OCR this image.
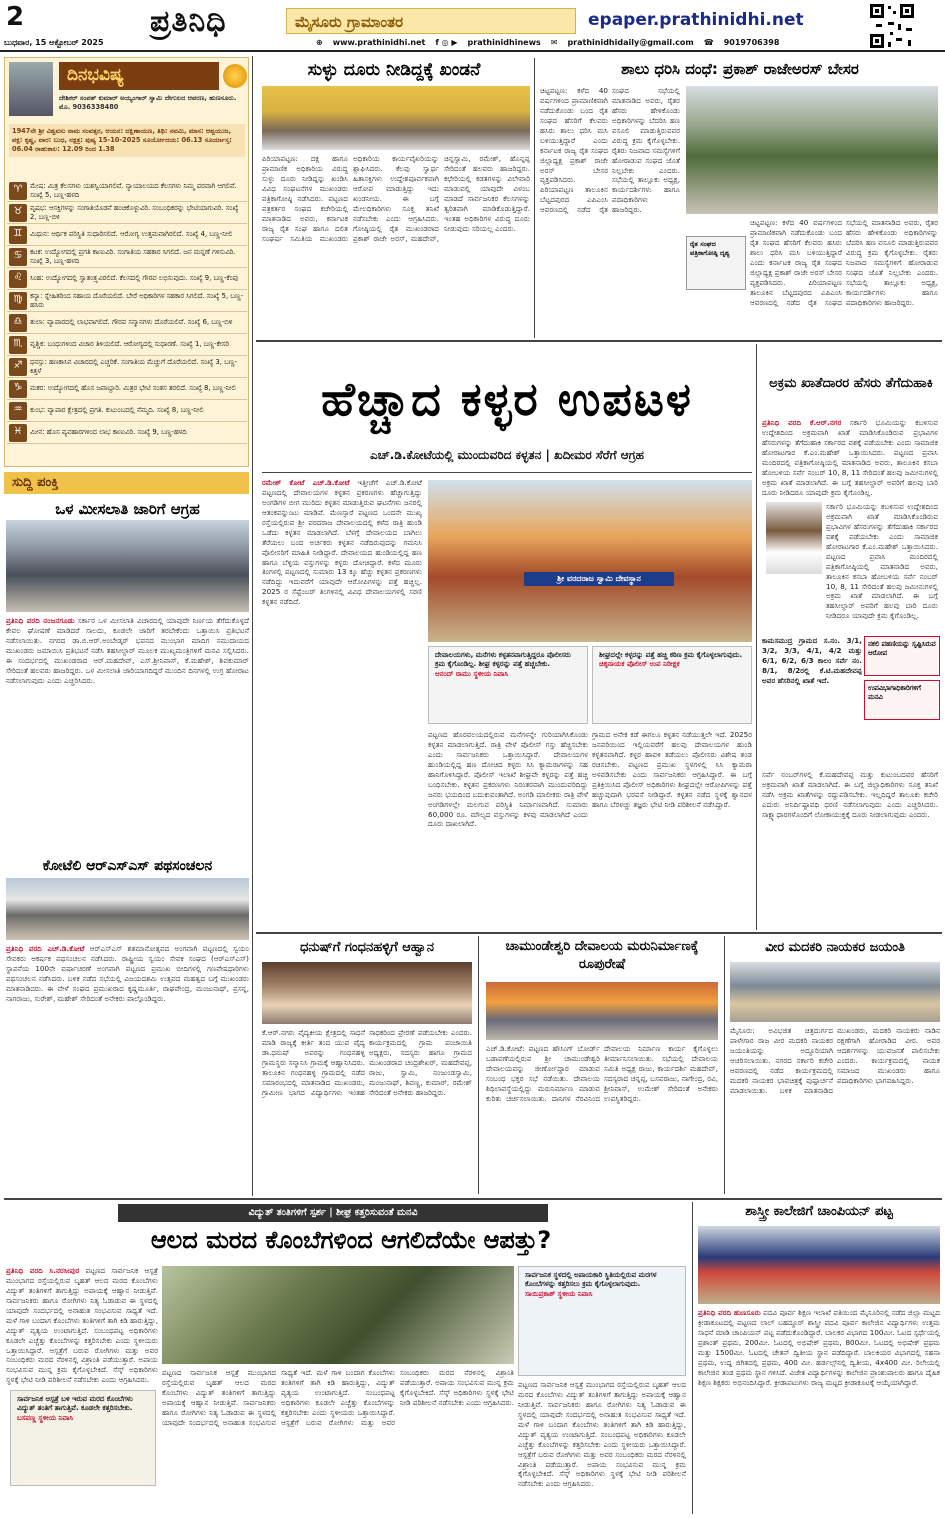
2	ಪ್ರತಿನಿಧಿ	ಮೈಸೂರು ಗ್ರಾಮಾಂತರ	epaper.prathinidhi.net
ಬುಧವಾರ, 15 ಅಕ್ಟೋಬರ್ 2025	⊕ www.prathinidhi.net f ◎ ▶ prathinidhinews ✉ prathinidhidaily@gmail.com ☎ 9019706398
ದಿನಭವಿಷ್ಯ
ದೇಶಿಕರ್ ಸಂಪತ್ ಕುಮಾರ್ ಅಯ್ಯಂಗಾರ್ ಸ್ವಾಮಿ ದೇಗುಲದ ಆವರಣ, ಹುಣಸೂರು. ಮೊ. 9036338480
1947ನೇ ಶ್ರೀ ವಿಶ್ವವಸು ನಾಮ ಸಂವತ್ಸರ, ಆಯನ: ದಕ್ಷಿಣಾಯಣ, ತಿಥಿ: ನವಮಿ, ಮಾಸ: ಆಶ್ವಯುಜ, ಪಕ್ಷ: ಕೃಷ್ಣ, ವಾರ: ಬುಧ, ನಕ್ಷತ್ರ: ಪುಷ್ಯ 15-10-2025 ಸೂರ್ಯೋದಯ: 06.13 ಸೂರ್ಯಾಸ್ತ: 06.04 ರಾಹುಕಾಲ: 12.09 ರಿಂದ 1.38
♈	ಮೇಷ: ಮಿತ್ರ ಕೆಲಸಗಳು ಯಶಸ್ವಿಯಾಗಲಿವೆ. ನ್ಯಾಯಾಲಯದ ಕೆಲಸಗಳು ನಿಮ್ಮ ಪರವಾಗಿ ಆಗಲಿವೆ. ಸಂಖ್ಯೆ 5, ಬಣ್ಣ-ಹಳದಿ
♉	ವೃಷಭ: ಆಸಕ್ತಿಗಳನ್ನು ಸಂಗಾತಿಯೊಡನೆ ಹಂಚಿಕೊಳ್ಳುವಿರಿ. ಸಂಬಂಧಿಕರನ್ನು ಭೇಟಿಯಾಗುವಿರಿ. ಸಂಖ್ಯೆ 2, ಬಣ್ಣ-ಬಿಳಿ
♊	ಮಿಥುನ: ಆರ್ಥಿಕ ಪರಿಸ್ಥಿತಿ ಸುಧಾರಿಸಲಿದೆ. ಆರೋಗ್ಯ ಉತ್ತಮವಾಗಿರಲಿದೆ. ಸಂಖ್ಯೆ 4, ಬಣ್ಣ-ನೀಲಿ
♋	ಕಟಕ: ಉದ್ಯೋಗದಲ್ಲಿ ಪ್ರಗತಿ ಕಾಣುವಿರಿ. ಸಂಗಾತಿಯ ಸಹಕಾರ ಸಿಗಲಿದೆ. ಜನ ಮನ್ನಣೆ ಗಳಿಸುವಿರಿ. ಸಂಖ್ಯೆ 3, ಬಣ್ಣ-ಹಳದಿ
♌	ಸಿಂಹ: ಉದ್ಯೋಗದಲ್ಲಿ ಸ್ವಾತಂತ್ರ್ಯವಿರಲಿದೆ. ಕೆಲಸದಲ್ಲಿ ಗೌರವ ಲಭಿಸುವುದು. ಸಂಖ್ಯೆ 9, ಬಣ್ಣ-ಕೆಂಪು
♍	ಕನ್ಯಾ: ಸ್ನೇಹಿತರಿಂದ ಸಹಾಯ ದೊರೆಯಲಿದೆ. ಬೇರೆ ಅಧಿಕಾರಿಗಳ ಸಹಕಾರ ಸಿಗಲಿದೆ. ಸಂಖ್ಯೆ 5, ಬಣ್ಣ-ಹಸಿರು
♎	ತುಲಾ: ವ್ಯಾಪಾರದಲ್ಲಿ ಲಾಭವಾಗಲಿದೆ. ಗೌರವ ಸನ್ಮಾನಗಳು ದೊರೆಯಲಿವೆ. ಸಂಖ್ಯೆ 6, ಬಣ್ಣ-ಬಿಳಿ
♏	ವೃಶ್ಚಿಕ: ಬಂಧುಗಳಿಂದ ವಿಚಾರ ತಿಳಿಯಲಿದೆ. ಆರೋಗ್ಯದಲ್ಲಿ ಸುಧಾರಣೆ. ಸಂಖ್ಯೆ 1, ಬಣ್ಣ-ಕೇಸರಿ
♐	ಧನಸ್ಸು: ಹಣಕಾಸಿನ ವಿಚಾರದಲ್ಲಿ ಎಚ್ಚರಿಕೆ. ಸಂಗಾತಿಯ ಮೆಚ್ಚುಗೆ ದೊರೆಯಲಿದೆ. ಸಂಖ್ಯೆ 3, ಬಣ್ಣ-ಕಿತ್ತಳೆ
♑	ಮಕರ: ಉದ್ಯೋಗದಲ್ಲಿ ಹೊಸ ಜವಾಬ್ದಾರಿ. ಮಿತ್ರರ ಭೇಟಿ ಸಂತಸ ತರಲಿದೆ. ಸಂಖ್ಯೆ 8, ಬಣ್ಣ-ನೀಲಿ
♒	ಕುಂಭ: ವ್ಯಾಪಾರ ಕ್ಷೇತ್ರದಲ್ಲಿ ಪ್ರಗತಿ. ಕುಟುಂಬದಲ್ಲಿ ನೆಮ್ಮದಿ. ಸಂಖ್ಯೆ 8, ಬಣ್ಣ-ನೀಲಿ
♓	ಮೀನ: ಹೊಸ ವ್ಯವಹಾರಗಳಿಂದ ಲಾಭ ಕಾಣುವಿರಿ. ಸಂಖ್ಯೆ 9, ಬಣ್ಣ-ಹಳದಿ
ಸುದ್ದಿ ಪಂಕ್ತಿ
ಒಳ ಮೀಸಲಾತಿ ಜಾರಿಗೆ ಆಗ್ರಹ
ಪ್ರತಿನಿಧಿ ವರದಿ ನಂಜನಗೂಡು ಸರ್ಕಾರ ಒಳ ಮೀಸಲಾತಿ ವಿಚಾರದಲ್ಲಿ ಯಾವುದೇ ನಿರ್ಣಯ ತೆಗೆದುಕೊಳ್ಳದೆ ಕೇವಲ ಘೋಷಣೆ ಮಾಡಿದರೆ ಸಾಲದು, ಕೂಡಲೇ ಜಾರಿಗೆ ತರಬೇಕೆಂದು ಒತ್ತಾಯಿಸಿ ಪ್ರತಿಭಟನೆ ನಡೆಸಲಾಯಿತು. ನಗರದ ಡಾ.ಬಿ.ಆರ್.ಅಂಬೇಡ್ಕರ್ ಭವನದ ಮುಂಭಾಗ ಮಾದಿಗ ಸಮುದಾಯದ ಮುಖಂಡರು ಜಮಾಯಿಸಿ ಪ್ರತಿಭಟನೆ ನಡೆಸಿ ತಹಸೀಲ್ದಾರ್ ಮೂಲಕ ಮುಖ್ಯಮಂತ್ರಿಗಳಿಗೆ ಮನವಿ ಸಲ್ಲಿಸಿದರು. ಈ ಸಂದರ್ಭದಲ್ಲಿ ಮುಖಂಡರಾದ ಆರ್.ಮಹದೇವ್, ಎಸ್.ಶ್ರೀನಿವಾಸ್, ಕೆ.ಮಹೇಶ್, ಶಿವಕುಮಾರ್ ಸೇರಿದಂತೆ ಹಲವರು ಹಾಜರಿದ್ದರು. ಒಳ ಮೀಸಲಾತಿ ಜಾರಿಯಾಗದಿದ್ದರೆ ಮುಂದಿನ ದಿನಗಳಲ್ಲಿ ಉಗ್ರ ಹೋರಾಟ ನಡೆಸಲಾಗುವುದು ಎಂದು ಎಚ್ಚರಿಸಿದರು.
ಕೋಟೆಲಿ ಆರ್‌ಎಸ್‌ಎಸ್ ಪಥಸಂಚಲನ
ಪ್ರತಿನಿಧಿ ವರದಿ ಎಚ್.ಡಿ.ಕೋಟೆ ಆರ್‌ಎಸ್‌ಎಸ್ ಶತಮಾನೋತ್ಸವದ ಅಂಗವಾಗಿ ಪಟ್ಟಣದಲ್ಲಿ ಸ್ವಯಂ ಸೇವಕರು ಆಕರ್ಷಕ ಪಥಸಂಚಲನ ನಡೆಸಿದರು. ರಾಷ್ಟ್ರೀಯ ಸ್ವಯಂ ಸೇವಕ ಸಂಘದ (ಆರ್‌ಎಸ್‌ಎಸ್) ಸ್ಥಾಪನೆಯ 100ನೇ ವರ್ಷಾಚರಣೆ ಅಂಗವಾಗಿ ಪಟ್ಟಣದ ಪ್ರಮುಖ ಬೀದಿಗಳಲ್ಲಿ ಗಣವೇಷಧಾರಿಗಳು ಪಥಸಂಚಲನ ನಡೆಸಿದರು. ಬಳಿಕ ನಡೆದ ಸಭೆಯಲ್ಲಿ ವಿಜಯದಶಮಿ ಉತ್ಸವದ ಮಹತ್ವದ ಬಗ್ಗೆ ಮುಖಂಡರು ಮಾತನಾಡಿದರು. ಈ ವೇಳೆ ಸಂಘದ ಪ್ರಮುಖರಾದ ಕೃಷ್ಣಮೂರ್ತಿ, ರಾಘವೇಂದ್ರ, ಮಂಜುನಾಥ್, ಪ್ರಸನ್ನ, ನಾಗರಾಜು, ಸುರೇಶ್, ಮಹೇಶ್ ಸೇರಿದಂತೆ ಅನೇಕರು ಪಾಲ್ಗೊಂಡಿದ್ದರು.
ಸುಳ್ಳು ದೂರು ನೀಡಿದ್ದಕ್ಕೆ ಖಂಡನೆ
ಪಿರಿಯಾಪಟ್ಟಣ: ದಕ್ಷ ಹಾಗೂ ಪ್ರಾಮಾಣಿಕ ಅಧಿಕಾರಿಯ ವಿರುದ್ಧ ಸುಳ್ಳು ದೂರು ನೀಡಿದ್ದನ್ನು ಖಂಡಿಸಿ ವಿವಿಧ ಸಂಘಟನೆಗಳ ಮುಖಂಡರು ಪತ್ರಿಕಾಗೋಷ್ಠಿ ನಡೆಸಿದರು. ಪಟ್ಟಣದ ಪತ್ರಕರ್ತರ ಸಂಘದ ಕಚೇರಿಯಲ್ಲಿ ಮಾತನಾಡಿದ ಅವರು, ಕರ್ನಾಟಕ ರಾಜ್ಯ ರೈತ ಸಂಘ ಹಾಗೂ ದಲಿತ ಸಂಘರ್ಷ ಸಮಿತಿಯ ಮುಖಂಡರು ಅಧಿಕಾರಿಯ ಕಾರ್ಯವೈಖರಿಯನ್ನು ಶ್ಲಾಘಿಸಿದರು. ಕೆಲವು ಸ್ವಾರ್ಥ ಹಿತಾಸಕ್ತಿಗಳು ಉದ್ದೇಶಪೂರ್ವಕವಾಗಿ ಆರೋಪ ಮಾಡುತ್ತಿದ್ದು ಇದು ಖಂಡನೀಯ. ಈ ಬಗ್ಗೆ ಮೇಲಧಿಕಾರಿಗಳು ಸೂಕ್ತ ತನಿಖೆ ನಡೆಸಬೇಕು ಎಂದು ಆಗ್ರಹಿಸಿದರು. ಗೋಷ್ಠಿಯಲ್ಲಿ ರೈತ ಮುಖಂಡರಾದ ಪ್ರಕಾಶ್ ರಾಜೇ ಅರಸ್, ಮಹದೇವ್, ಚಿನ್ನಸ್ವಾಮಿ, ರಮೇಶ್, ಹೊನ್ನಪ್ಪ ಸೇರಿದಂತೆ ಹಲವರು ಹಾಜರಿದ್ದರು. ಕಛೇರಿಯಲ್ಲಿ ಕಡತಗಳನ್ನು ವಿಲೇವಾರಿ ಮಾಡುವಲ್ಲಿ ಯಾವುದೇ ವಿಳಂಬ ಮಾಡದೆ ಸಾರ್ವಜನಿಕರ ಕೆಲಸಗಳನ್ನು ತ್ವರಿತವಾಗಿ ಮಾಡಿಕೊಡುತ್ತಿದ್ದಾರೆ. ಇಂತಹ ಅಧಿಕಾರಿಗಳ ವಿರುದ್ಧ ದೂರು ನೀಡುವುದು ಸರಿಯಲ್ಲ ಎಂದರು.
ಶಾಲು ಧರಿಸಿ ದಂಧೆ: ಪ್ರಕಾಶ್ ರಾಜೇಅರಸ್ ಬೇಸರ
ಚಿಟ್ಟಪಟ್ಟಣ: ಕಳೆದ 40 ವರ್ಷಗಳಿಂದ ಪ್ರಾಮಾಣಿಕವಾಗಿ ನಡೆದುಕೊಂಡು ಬಂದ ರೈತ ಸಂಘದ ಹೆಸರಿಗೆ ಕೆಲವರು ಹಸಿರು ಶಾಲು ಧರಿಸಿ ಮಸಿ ಬಳಿಯುತ್ತಿದ್ದಾರೆ ಎಂದು ಕರ್ನಾಟಕ ರಾಜ್ಯ ರೈತ ಸಂಘದ ಜಿಲ್ಲಾಧ್ಯಕ್ಷ ಪ್ರಕಾಶ್ ರಾಜೇ ಅರಸ್ ಬೇಸರ ವ್ಯಕ್ತಪಡಿಸಿದರು. ಪಿರಿಯಾಪಟ್ಟಣ ತಾಲೂಕಿನ ಬೆಟ್ಟದಪುರದ ಎಪಿಎಂಸಿ ಆವರಣದಲ್ಲಿ ನಡೆದ ರೈತ ಸಂಘದ ಸಭೆಯಲ್ಲಿ ಮಾತನಾಡಿದ ಅವರು, ರೈತರ ಹೆಸರು ಹೇಳಿಕೊಂಡು ಅಧಿಕಾರಿಗಳನ್ನು ಬೆದರಿಸಿ ಹಣ ವಸೂಲಿ ಮಾಡುತ್ತಿರುವವರ ವಿರುದ್ಧ ಕ್ರಮ ಕೈಗೊಳ್ಳಬೇಕು. ರೈತರು ನಿಜವಾದ ಸಮಸ್ಯೆಗಳಿಗೆ ಹೋರಾಡುವ ಸಂಘದ ಜೊತೆ ನಿಲ್ಲಬೇಕು ಎಂದರು. ಸಭೆಯಲ್ಲಿ ತಾಲ್ಲೂಕು ಅಧ್ಯಕ್ಷ, ಕಾರ್ಯದರ್ಶಿಗಳು ಹಾಗೂ ಪದಾಧಿಕಾರಿಗಳು ಹಾಜರಿದ್ದರು.
ರೈತ ಸಂಘದ ಪತ್ರಿಕಾಗೋಷ್ಠಿ ದೃಶ್ಯ
ಚಿಟ್ಟಪಟ್ಟಣ: ಕಳೆದ 40 ವರ್ಷಗಳಿಂದ ಪ್ರಾಮಾಣಿಕವಾಗಿ ನಡೆದುಕೊಂಡು ಬಂದ ರೈತ ಸಂಘದ ಹೆಸರಿಗೆ ಕೆಲವರು ಹಸಿರು ಶಾಲು ಧರಿಸಿ ಮಸಿ ಬಳಿಯುತ್ತಿದ್ದಾರೆ ಎಂದು ಕರ್ನಾಟಕ ರಾಜ್ಯ ರೈತ ಸಂಘದ ಜಿಲ್ಲಾಧ್ಯಕ್ಷ ಪ್ರಕಾಶ್ ರಾಜೇ ಅರಸ್ ಬೇಸರ ವ್ಯಕ್ತಪಡಿಸಿದರು. ಪಿರಿಯಾಪಟ್ಟಣ ತಾಲೂಕಿನ ಬೆಟ್ಟದಪುರದ ಎಪಿಎಂಸಿ ಆವರಣದಲ್ಲಿ ನಡೆದ ರೈತ ಸಂಘದ ಸಭೆಯಲ್ಲಿ ಮಾತನಾಡಿದ ಅವರು, ರೈತರ ಹೆಸರು ಹೇಳಿಕೊಂಡು ಅಧಿಕಾರಿಗಳನ್ನು ಬೆದರಿಸಿ ಹಣ ವಸೂಲಿ ಮಾಡುತ್ತಿರುವವರ ವಿರುದ್ಧ ಕ್ರಮ ಕೈಗೊಳ್ಳಬೇಕು. ರೈತರು ನಿಜವಾದ ಸಮಸ್ಯೆಗಳಿಗೆ ಹೋರಾಡುವ ಸಂಘದ ಜೊತೆ ನಿಲ್ಲಬೇಕು ಎಂದರು. ಸಭೆಯಲ್ಲಿ ತಾಲ್ಲೂಕು ಅಧ್ಯಕ್ಷ, ಕಾರ್ಯದರ್ಶಿಗಳು ಹಾಗೂ ಪದಾಧಿಕಾರಿಗಳು ಹಾಜರಿದ್ದರು.
ಹೆಚ್ಚಾದ ಕಳ್ಳರ ಉಪಟಳ
ಎಚ್.ಡಿ.ಕೋಟೆಯಲ್ಲಿ ಮುಂದುವರಿದ ಕಳ್ಳತನ | ಖದೀಮರ ಸೆರೆಗೆ ಆಗ್ರಹ
ರಮೇಶ್ ಕೋಟೆ ಎಚ್.ಡಿ.ಕೋಟೆ ಇತ್ತೀಚೆಗೆ ಎಚ್.ಡಿ.ಕೋಟೆ ಪಟ್ಟಣದಲ್ಲಿ ದೇವಾಲಯಗಳ ಕಳ್ಳತನ ಪ್ರಕರಣಗಳು ಹೆಚ್ಚಾಗುತ್ತಿದ್ದು ಅಂಗಡಿಗಳ ಬೀಗ ಮುರಿದು ಕಳ್ಳತನ ಮಾಡುತ್ತಿರುವ ಘಟನೆಗಳು ಜನರಲ್ಲಿ ಆತಂಕವನ್ನುಂಟು ಮಾಡಿವೆ. ಮೆಣಸ್ಸಾರೆ ಪಟ್ಟಣದ ಒಂದನೇ ಮುಖ್ಯ ರಸ್ತೆಯಲ್ಲಿರುವ ಶ್ರೀ ವರದರಾಜ ದೇವಾಲಯದಲ್ಲಿ ಕಳೆದ ರಾತ್ರಿ ಹುಂಡಿ ಒಡೆದು ಕಳ್ಳತನ ಮಾಡಲಾಗಿದೆ. ಬೆಳಗ್ಗೆ ದೇವಾಲಯದ ಬಾಗಿಲು ತೆರೆಯಲು ಬಂದ ಅರ್ಚಕರು ಕಳ್ಳತನ ನಡೆದಿರುವುದನ್ನು ಗಮನಿಸಿ ಪೊಲೀಸರಿಗೆ ಮಾಹಿತಿ ನೀಡಿದ್ದಾರೆ. ದೇವಾಲಯದ ಹುಂಡಿಯಲ್ಲಿದ್ದ ಹಣ ಹಾಗೂ ಬೆಳ್ಳಿಯ ವಸ್ತುಗಳನ್ನು ಕಳ್ಳರು ದೋಚಿದ್ದಾರೆ. ಕಳೆದ ಮೂರು ತಿಂಗಳಲ್ಲಿ ಪಟ್ಟಣದಲ್ಲಿ ಸುಮಾರು 13 ಕ್ಕೂ ಹೆಚ್ಚು ಕಳ್ಳತನ ಪ್ರಕರಣಗಳು ನಡೆದಿದ್ದು ಇದುವರೆಗೆ ಯಾವುದೇ ಆರೋಪಿಗಳನ್ನು ಪತ್ತೆ ಹಚ್ಚಿಲ್ಲ. 2025 ರ ಸೆಪ್ಟೆಂಬರ್ ತಿಂಗಳಿನಲ್ಲಿ ವಿವಿಧ ದೇವಾಲಯಗಳಲ್ಲಿ ಸರಣಿ ಕಳ್ಳತನ ನಡೆದಿದೆ.
ಶ್ರೀ ವರದರಾಜ ಸ್ವಾಮಿ ದೇವಸ್ಥಾನ
ದೇವಾಲಯಗಳು, ಮನೆಗಳು ಕಳ್ಳತನವಾಗುತ್ತಿದ್ದರೂ ಪೊಲೀಸರು ಕ್ರಮ ಕೈಗೊಂಡಿಲ್ಲ. ಶೀಘ್ರ ಕಳ್ಳರನ್ನು ಪತ್ತೆ ಹಚ್ಚಬೇಕು.
ಆನಂದ್ ರಾಮು ಸ್ಥಳೀಯ ನಿವಾಸಿ
ಶೀಘ್ರದಲ್ಲೇ ಕಳ್ಳರನ್ನು ಪತ್ತೆ ಹಚ್ಚಿ ಕಠಿಣ ಕ್ರಮ ಕೈಗೊಳ್ಳಲಾಗುವುದು.
ಚಿಕ್ಕನಾಯಕ ಪೊಲೀಸ್ ಉಪ ನಿರೀಕ್ಷಕ
ಪಟ್ಟಣದ ಹೊರವಲಯದಲ್ಲಿರುವ ಮನೆಗಳನ್ನೇ ಗುರಿಯಾಗಿಸಿಕೊಂಡು ಕಳ್ಳತನ ಮಾಡಲಾಗುತ್ತಿದೆ. ರಾತ್ರಿ ವೇಳೆ ಪೊಲೀಸ್ ಗಸ್ತು ಹೆಚ್ಚಿಸಬೇಕು ಎಂದು ಸಾರ್ವಜನಿಕರು ಒತ್ತಾಯಿಸಿದ್ದಾರೆ. ದೇವಾಲಯಗಳ ಹುಂಡಿಯಲ್ಲಿದ್ದ ಹಣ ದೋಚಿದ ಕಳ್ಳರು ಸಿಸಿ ಕ್ಯಾಮರಾಗಳನ್ನು ಸಹ ಹಾನಿಗೊಳಿಸಿದ್ದಾರೆ. ಪೊಲೀಸ್ ಇಲಾಖೆ ಶೀಘ್ರವೇ ಕಳ್ಳರನ್ನು ಪತ್ತೆ ಹಚ್ಚಿ ಬಂಧಿಸಬೇಕು. ಕಳ್ಳತನ ಪ್ರಕರಣಗಳು ನಿರಂತರವಾಗಿ ಮುಂದುವರಿದಿದ್ದು ಜನರು ಭಯದಿಂದ ಬದುಕುವಂತಾಗಿದೆ. ಅಂಗಡಿ ಮಾಲೀಕರು ರಾತ್ರಿ ವೇಳೆ ಅಂಗಡಿಗಳಲ್ಲೇ ಮಲಗುವ ಪರಿಸ್ಥಿತಿ ನಿರ್ಮಾಣವಾಗಿದೆ. ಸುಮಾರು 60,000 ರೂ. ಮೌಲ್ಯದ ವಸ್ತುಗಳನ್ನು ಕಳವು ಮಾಡಲಾಗಿದೆ ಎಂದು ದೂರು ದಾಖಲಾಗಿದೆ.
ಗ್ರಾಮದ ಅನೇಕ ಕಡೆ ಈಗಲೂ ಕಳ್ಳತನ ನಡೆಯುತ್ತಲೇ ಇದೆ. 2025ರ ಜನವರಿಯಿಂದ ಇಲ್ಲಿಯವರೆಗೆ ಹಲವು ದೇವಾಲಯಗಳ ಹುಂಡಿ ಕಳ್ಳತನವಾಗಿದೆ. ಕಳ್ಳರ ಹಾವಳಿ ತಡೆಯಲು ಪೊಲೀಸರು ವಿಶೇಷ ತಂಡ ರಚಿಸಬೇಕು. ಪಟ್ಟಣದ ಪ್ರಮುಖ ಸ್ಥಳಗಳಲ್ಲಿ ಸಿಸಿ ಕ್ಯಾಮರಾ ಅಳವಡಿಸಬೇಕು ಎಂದು ಸಾರ್ವಜನಿಕರು ಆಗ್ರಹಿಸಿದ್ದಾರೆ. ಈ ಬಗ್ಗೆ ಪ್ರತಿಕ್ರಿಯಿಸಿದ ಪೊಲೀಸ್ ಅಧಿಕಾರಿಗಳು ಶೀಘ್ರದಲ್ಲೇ ಆರೋಪಿಗಳನ್ನು ಪತ್ತೆ ಹಚ್ಚುವುದಾಗಿ ಭರವಸೆ ನೀಡಿದ್ದಾರೆ. ಕಳ್ಳತನ ನಡೆದ ಸ್ಥಳಕ್ಕೆ ಶ್ವಾನದಳ ಹಾಗೂ ಬೆರಳಚ್ಚು ತಜ್ಞರು ಭೇಟಿ ನೀಡಿ ಪರಿಶೀಲನೆ ನಡೆಸಿದ್ದಾರೆ.
ಅಕ್ರಮ ಖಾತೆದಾರರ ಹೆಸರು ತೆಗೆದುಹಾಕಿ
ಪ್ರತಿನಿಧಿ ವರದಿ ಕೆ.ಆರ್.ನಗರ ಸರ್ಕಾರಿ ಭೂಮಿಯನ್ನು ಕಬಳಿಸುವ ಉದ್ದೇಶದಿಂದ ಅಕ್ರಮವಾಗಿ ಖಾತೆ ಮಾಡಿಸಿಕೊಂಡಿರುವ ಪ್ರಭಾವಿಗಳ ಹೆಸರುಗಳನ್ನು ತೆಗೆದುಹಾಕಿ ಸರ್ಕಾರದ ವಶಕ್ಕೆ ಪಡೆಯಬೇಕು ಎಂದು ಸಾಮಾಜಿಕ ಹೋರಾಟಗಾರ ಕೆ.ಎಂ.ಮಹೇಶ್ ಒತ್ತಾಯಿಸಿದರು. ಪಟ್ಟಣದ ಪ್ರವಾಸಿ ಮಂದಿರದಲ್ಲಿ ಪತ್ರಿಕಾಗೋಷ್ಠಿಯಲ್ಲಿ ಮಾತನಾಡಿದ ಅವರು, ತಾಲೂಕಿನ ಕಸಬಾ ಹೋಬಳಿಯ ಸರ್ವೆ ನಂಬರ್ 10, 8, 11 ಸೇರಿದಂತೆ ಹಲವು ಜಮೀನುಗಳಲ್ಲಿ ಅಕ್ರಮ ಖಾತೆ ಮಾಡಲಾಗಿದೆ. ಈ ಬಗ್ಗೆ ತಹಸೀಲ್ದಾರ್ ಅವರಿಗೆ ಹಲವು ಬಾರಿ ದೂರು ನೀಡಿದರೂ ಯಾವುದೇ ಕ್ರಮ ಕೈಗೊಂಡಿಲ್ಲ.
ಸರ್ಕಾರಿ ಭೂಮಿಯನ್ನು ಕಬಳಿಸುವ ಉದ್ದೇಶದಿಂದ ಅಕ್ರಮವಾಗಿ ಖಾತೆ ಮಾಡಿಸಿಕೊಂಡಿರುವ ಪ್ರಭಾವಿಗಳ ಹೆಸರುಗಳನ್ನು ತೆಗೆದುಹಾಕಿ ಸರ್ಕಾರದ ವಶಕ್ಕೆ ಪಡೆಯಬೇಕು ಎಂದು ಸಾಮಾಜಿಕ ಹೋರಾಟಗಾರ ಕೆ.ಎಂ.ಮಹೇಶ್ ಒತ್ತಾಯಿಸಿದರು. ಪಟ್ಟಣದ ಪ್ರವಾಸಿ ಮಂದಿರದಲ್ಲಿ ಪತ್ರಿಕಾಗೋಷ್ಠಿಯಲ್ಲಿ ಮಾತನಾಡಿದ ಅವರು, ತಾಲೂಕಿನ ಕಸಬಾ ಹೋಬಳಿಯ ಸರ್ವೆ ನಂಬರ್ 10, 8, 11 ಸೇರಿದಂತೆ ಹಲವು ಜಮೀನುಗಳಲ್ಲಿ ಅಕ್ರಮ ಖಾತೆ ಮಾಡಲಾಗಿದೆ. ಈ ಬಗ್ಗೆ ತಹಸೀಲ್ದಾರ್ ಅವರಿಗೆ ಹಲವು ಬಾರಿ ದೂರು ನೀಡಿದರೂ ಯಾವುದೇ ಕ್ರಮ ಕೈಗೊಂಡಿಲ್ಲ.
ಕಾಮಸಮುದ್ರ ಗ್ರಾಮದ ಸ.ನಂ. 3/1, 3/2, 3/3, 4/1, 4/2 ಮತ್ತು 6/1, 6/2, 6/3 ಕಾಲಂ ಸರ್ವೆ ನಂ. 8/1, 8/2ರಲ್ಲಿ ಕೆ.ಟಿ.ಮಹದೇವಪ್ಪ ಅವರ ಹೆಸರಿನಲ್ಲಿ ಖಾತೆ ಇದೆ.
ನಕಲಿ ಪಹಣಿಯನ್ನು ಸೃಷ್ಟಿಸಿರುವ ಆರೋಪ
ಉಪವಿಭಾಗಾಧಿಕಾರಿಗಳಿಗೆ ಮನವಿ
ಸರ್ವೆ ನಂಬರ್‌ಗಳಲ್ಲಿ ಕೆ.ಮಹದೇವಪ್ಪ ಮತ್ತು ಕುಟುಂಬದವರ ಹೆಸರಿಗೆ ಅಕ್ರಮವಾಗಿ ಖಾತೆ ಮಾಡಲಾಗಿದೆ. ಈ ಬಗ್ಗೆ ಜಿಲ್ಲಾಧಿಕಾರಿಗಳು ಸೂಕ್ತ ತನಿಖೆ ನಡೆಸಿ ಅಕ್ರಮ ಖಾತೆಗಳನ್ನು ರದ್ದುಪಡಿಸಬೇಕು. ಇಲ್ಲದಿದ್ದರೆ ತಾಲೂಕು ಕಚೇರಿ ಎದುರು ಅನಿರ್ದಿಷ್ಟಾವಧಿ ಧರಣಿ ನಡೆಸಲಾಗುವುದು ಎಂದು ಎಚ್ಚರಿಸಿದರು. ಸಾಕ್ಷ್ಯಾಧಾರಗಳೊಂದಿಗೆ ಲೋಕಾಯುಕ್ತಕ್ಕೆ ದೂರು ನೀಡಲಾಗುವುದು ಎಂದರು.
ಧನುಷ್‌ಗೆ ಗಂಧನಹಳ್ಳಿಗೆ ಆಹ್ವಾನ
ಕೆ.ಆರ್.ನಗರ: ವೈದ್ಯಕೀಯ ಕ್ಷೇತ್ರದಲ್ಲಿ ಸಾಧನೆ ಮಾಡಿ ರಾಜ್ಯಕ್ಕೆ ಕೀರ್ತಿ ತಂದ ಯುವ ವೈದ್ಯ ಡಾ.ಧನುಷ್ ಅವರನ್ನು ಗಂಧನಹಳ್ಳಿ ಗ್ರಾಮಸ್ಥರು ಸನ್ಮಾನಿಸಿ ಗ್ರಾಮಕ್ಕೆ ಆಹ್ವಾನಿಸಿದರು. ತಾಲೂಕಿನ ಗಂಧನಹಳ್ಳಿ ಗ್ರಾಮದಲ್ಲಿ ನಡೆದ ಸಮಾರಂಭದಲ್ಲಿ ಮಾತನಾಡಿದ ಮುಖಂಡರು, ಗ್ರಾಮೀಣ ಭಾಗದ ವಿದ್ಯಾರ್ಥಿಗಳು ಇಂತಹ ಸಾಧಕರಿಂದ ಪ್ರೇರಣೆ ಪಡೆಯಬೇಕು ಎಂದರು. ಕಾರ್ಯಕ್ರಮದಲ್ಲಿ ಗ್ರಾಮ ಪಂಚಾಯಿತಿ ಅಧ್ಯಕ್ಷರು, ಸದಸ್ಯರು ಹಾಗೂ ಗ್ರಾಮದ ಮುಖಂಡರಾದ ಚಂದ್ರಶೇಖರ್, ಮಹದೇವಪ್ಪ, ರಾಜು, ಸ್ವಾಮಿ, ನಂಜುಂಡಸ್ವಾಮಿ, ಮಂಜುನಾಥ್, ಶಿವಣ್ಣ, ಕುಮಾರ್, ರಮೇಶ್ ಸೇರಿದಂತೆ ಅನೇಕರು ಹಾಜರಿದ್ದರು.
ಚಾಮುಂಡೇಶ್ವರಿ ದೇವಾಲಯ ಮರುನಿರ್ಮಾಣಕ್ಕೆ ರೂಪುರೇಷೆ
ಎಚ್.ಡಿ.ಕೋಟೆ: ಪಟ್ಟಣದ ಹೌಸಿಂಗ್ ಬೋರ್ಡ್ ಬಡಾವಣೆಯಲ್ಲಿರುವ ಶ್ರೀ ಚಾಮುಂಡೇಶ್ವರಿ ದೇವಾಲಯವನ್ನು ಜೀರ್ಣೋದ್ಧಾರ ಮಾಡುವ ಸಂಬಂಧ ಭಕ್ತರ ಸಭೆ ನಡೆಯಿತು. ದೇವಾಲಯ ಶಿಥಿಲಾವಸ್ಥೆಯಲ್ಲಿದ್ದು ಮರುನಿರ್ಮಾಣ ಮಾಡುವ ಕುರಿತು ಚರ್ಚಿಸಲಾಯಿತು. ದಾನಿಗಳ ನೆರವಿನಿಂದ ದೇವಾಲಯ ನಿರ್ಮಾಣ ಕಾರ್ಯ ಕೈಗೊಳ್ಳಲು ತೀರ್ಮಾನಿಸಲಾಯಿತು. ಸಭೆಯಲ್ಲಿ ದೇವಾಲಯ ಸಮಿತಿ ಅಧ್ಯಕ್ಷ ರಾಜು, ಕಾರ್ಯದರ್ಶಿ ಮಹದೇವ್, ಸದಸ್ಯರಾದ ಚನ್ನಪ್ಪ, ಬಸವರಾಜು, ನಾಗೇಂದ್ರ, ರವಿ, ಶ್ರೀನಿವಾಸ್, ಉಮೇಶ್ ಸೇರಿದಂತೆ ಅನೇಕರು ಉಪಸ್ಥಿತರಿದ್ದರು.
ವೀರ ಮದಕರಿ ನಾಯಕರ ಜಯಂತಿ
ಮೈಸೂರು: ಅವಿಭಜಿತ ಚಿತ್ರದುರ್ಗದ ಪಾಳೇಗಾರ ರಾಜ ವೀರ ಮದಕರಿ ನಾಯಕರ ಜಯಂತಿಯನ್ನು ಅದ್ದೂರಿಯಾಗಿ ಆಚರಿಸಲಾಯಿತು. ನಗರದ ಸರ್ಕಾರಿ ಕಚೇರಿ ಆವರಣದಲ್ಲಿ ನಡೆದ ಕಾರ್ಯಕ್ರಮದಲ್ಲಿ ಮದಕರಿ ನಾಯಕರ ಭಾವಚಿತ್ರಕ್ಕೆ ಪುಷ್ಪಾರ್ಚನೆ ಮಾಡಲಾಯಿತು. ಬಳಿಕ ಮಾತನಾಡಿದ ಮುಖಂಡರು, ಮದಕರಿ ನಾಯಕರು ನಾಡಿನ ರಕ್ಷಣೆಗಾಗಿ ಹೋರಾಡಿದ ವೀರ. ಅವರ ಆದರ್ಶಗಳನ್ನು ಯುವಜನತೆ ಪಾಲಿಸಬೇಕು ಎಂದರು. ಕಾರ್ಯಕ್ರಮದಲ್ಲಿ ನಾಯಕ ಸಮಾಜದ ಮುಖಂಡರು ಹಾಗೂ ಪದಾಧಿಕಾರಿಗಳು ಭಾಗವಹಿಸಿದ್ದರು.
ವಿದ್ಯುತ್ ತಂತಿಗಳಿಗೆ ಸ್ಪರ್ಶ | ಶೀಘ್ರ ಕತ್ತರಿಸುವಂತೆ ಮನವಿ
ಆಲದ ಮರದ ಕೊಂಬೆಗಳಿಂದ ಆಗಲಿದೆಯೇ ಆಪತ್ತು?
ಪ್ರತಿನಿಧಿ ವರದಿ ಸಿ.ನರಸೀಪುರ ಪಟ್ಟಣದ ಸಾರ್ವಜನಿಕ ಆಸ್ಪತ್ರೆ ಮುಂಭಾಗದ ರಸ್ತೆಯಲ್ಲಿರುವ ಬೃಹತ್ ಆಲದ ಮರದ ಕೊಂಬೆಗಳು ವಿದ್ಯುತ್ ತಂತಿಗಳಿಗೆ ತಾಗುತ್ತಿದ್ದು ಅಪಾಯಕ್ಕೆ ಆಹ್ವಾನ ನೀಡುತ್ತಿವೆ. ಸಾರ್ವಜನಿಕರು ಹಾಗೂ ರೋಗಿಗಳು ನಿತ್ಯ ಓಡಾಡುವ ಈ ಸ್ಥಳದಲ್ಲಿ ಯಾವುದೇ ಸಂದರ್ಭದಲ್ಲಿ ಅನಾಹುತ ಸಂಭವಿಸುವ ಸಾಧ್ಯತೆ ಇದೆ. ಮಳೆ ಗಾಳಿ ಬಂದಾಗ ಕೊಂಬೆಗಳು ತಂತಿಗಳಿಗೆ ತಾಗಿ ಕಿಡಿ ಹಾರುತ್ತಿದ್ದು, ವಿದ್ಯುತ್ ವ್ಯತ್ಯಯ ಉಂಟಾಗುತ್ತಿದೆ. ಸಂಬಂಧಪಟ್ಟ ಅಧಿಕಾರಿಗಳು ಕೂಡಲೇ ಎಚ್ಚೆತ್ತು ಕೊಂಬೆಗಳನ್ನು ಕತ್ತರಿಸಬೇಕು ಎಂದು ಸ್ಥಳೀಯರು ಒತ್ತಾಯಿಸಿದ್ದಾರೆ. ಆಸ್ಪತ್ರೆಗೆ ಬರುವ ರೋಗಿಗಳು ಮತ್ತು ಅವರ ಸಂಬಂಧಿಕರು ಮರದ ನೆರಳಿನಲ್ಲಿ ವಿಶ್ರಾಂತಿ ಪಡೆಯುತ್ತಾರೆ. ಅಪಾಯ ಸಂಭವಿಸುವ ಮುನ್ನ ಕ್ರಮ ಕೈಗೊಳ್ಳಬೇಕಿದೆ. ಸೆಸ್ಕ್ ಅಧಿಕಾರಿಗಳು ಸ್ಥಳಕ್ಕೆ ಭೇಟಿ ನೀಡಿ ಪರಿಶೀಲನೆ ನಡೆಸಬೇಕು ಎಂದು ಆಗ್ರಹಿಸಿದರು.
ಸಾರ್ವಜನಿಕ ಆಸ್ಪತ್ರೆ ಬಳಿ ಇರುವ ಮರದ ಕೊಂಬೆಗಳು ವಿದ್ಯುತ್ ತಂತಿಗೆ ತಾಗುತ್ತಿವೆ. ಕೂಡಲೇ ಕತ್ತರಿಸಬೇಕು.
ಬಸವಣ್ಣ ಸ್ಥಳೀಯ ನಿವಾಸಿ
ಪಟ್ಟಣದ ಸಾರ್ವಜನಿಕ ಆಸ್ಪತ್ರೆ ಮುಂಭಾಗದ ರಸ್ತೆಯಲ್ಲಿರುವ ಬೃಹತ್ ಆಲದ ಮರದ ಕೊಂಬೆಗಳು ವಿದ್ಯುತ್ ತಂತಿಗಳಿಗೆ ತಾಗುತ್ತಿದ್ದು ಅಪಾಯಕ್ಕೆ ಆಹ್ವಾನ ನೀಡುತ್ತಿವೆ. ಸಾರ್ವಜನಿಕರು ಹಾಗೂ ರೋಗಿಗಳು ನಿತ್ಯ ಓಡಾಡುವ ಈ ಸ್ಥಳದಲ್ಲಿ ಯಾವುದೇ ಸಂದರ್ಭದಲ್ಲಿ ಅನಾಹುತ ಸಂಭವಿಸುವ ಸಾಧ್ಯತೆ ಇದೆ. ಮಳೆ ಗಾಳಿ ಬಂದಾಗ ಕೊಂಬೆಗಳು ತಂತಿಗಳಿಗೆ ತಾಗಿ ಕಿಡಿ ಹಾರುತ್ತಿದ್ದು, ವಿದ್ಯುತ್ ವ್ಯತ್ಯಯ ಉಂಟಾಗುತ್ತಿದೆ. ಸಂಬಂಧಪಟ್ಟ ಅಧಿಕಾರಿಗಳು ಕೂಡಲೇ ಎಚ್ಚೆತ್ತು ಕೊಂಬೆಗಳನ್ನು ಕತ್ತರಿಸಬೇಕು ಎಂದು ಸ್ಥಳೀಯರು ಒತ್ತಾಯಿಸಿದ್ದಾರೆ. ಆಸ್ಪತ್ರೆಗೆ ಬರುವ ರೋಗಿಗಳು ಮತ್ತು ಅವರ ಸಂಬಂಧಿಕರು ಮರದ ನೆರಳಿನಲ್ಲಿ ವಿಶ್ರಾಂತಿ ಪಡೆಯುತ್ತಾರೆ. ಅಪಾಯ ಸಂಭವಿಸುವ ಮುನ್ನ ಕ್ರಮ ಕೈಗೊಳ್ಳಬೇಕಿದೆ. ಸೆಸ್ಕ್ ಅಧಿಕಾರಿಗಳು ಸ್ಥಳಕ್ಕೆ ಭೇಟಿ ನೀಡಿ ಪರಿಶೀಲನೆ ನಡೆಸಬೇಕು ಎಂದು ಆಗ್ರಹಿಸಿದರು.
ಸಾರ್ವಜನಿಕ ಸ್ಥಳದಲ್ಲಿ ಅಪಾಯಕಾರಿ ಸ್ಥಿತಿಯಲ್ಲಿರುವ ಮರಗಳ ಕೊಂಬೆಗಳನ್ನು ಕತ್ತರಿಸಲು ಕ್ರಮ ಕೈಗೊಳ್ಳಲಾಗುವುದು.
ಸಾಯಿಪ್ರಕಾಶ್ ಸ್ಥಳೀಯ ನಿವಾಸಿ
ಪಟ್ಟಣದ ಸಾರ್ವಜನಿಕ ಆಸ್ಪತ್ರೆ ಮುಂಭಾಗದ ರಸ್ತೆಯಲ್ಲಿರುವ ಬೃಹತ್ ಆಲದ ಮರದ ಕೊಂಬೆಗಳು ವಿದ್ಯುತ್ ತಂತಿಗಳಿಗೆ ತಾಗುತ್ತಿದ್ದು ಅಪಾಯಕ್ಕೆ ಆಹ್ವಾನ ನೀಡುತ್ತಿವೆ. ಸಾರ್ವಜನಿಕರು ಹಾಗೂ ರೋಗಿಗಳು ನಿತ್ಯ ಓಡಾಡುವ ಈ ಸ್ಥಳದಲ್ಲಿ ಯಾವುದೇ ಸಂದರ್ಭದಲ್ಲಿ ಅನಾಹುತ ಸಂಭವಿಸುವ ಸಾಧ್ಯತೆ ಇದೆ. ಮಳೆ ಗಾಳಿ ಬಂದಾಗ ಕೊಂಬೆಗಳು ತಂತಿಗಳಿಗೆ ತಾಗಿ ಕಿಡಿ ಹಾರುತ್ತಿದ್ದು, ವಿದ್ಯುತ್ ವ್ಯತ್ಯಯ ಉಂಟಾಗುತ್ತಿದೆ. ಸಂಬಂಧಪಟ್ಟ ಅಧಿಕಾರಿಗಳು ಕೂಡಲೇ ಎಚ್ಚೆತ್ತು ಕೊಂಬೆಗಳನ್ನು ಕತ್ತರಿಸಬೇಕು ಎಂದು ಸ್ಥಳೀಯರು ಒತ್ತಾಯಿಸಿದ್ದಾರೆ. ಆಸ್ಪತ್ರೆಗೆ ಬರುವ ರೋಗಿಗಳು ಮತ್ತು ಅವರ ಸಂಬಂಧಿಕರು ಮರದ ನೆರಳಿನಲ್ಲಿ ವಿಶ್ರಾಂತಿ ಪಡೆಯುತ್ತಾರೆ. ಅಪಾಯ ಸಂಭವಿಸುವ ಮುನ್ನ ಕ್ರಮ ಕೈಗೊಳ್ಳಬೇಕಿದೆ. ಸೆಸ್ಕ್ ಅಧಿಕಾರಿಗಳು ಸ್ಥಳಕ್ಕೆ ಭೇಟಿ ನೀಡಿ ಪರಿಶೀಲನೆ ನಡೆಸಬೇಕು ಎಂದು ಆಗ್ರಹಿಸಿದರು.
ಶಾಸ್ತ್ರೀ ಕಾಲೇಜಿಗೆ ಚಾಂಪಿಯನ್ ಪಟ್ಟ
ಪ್ರತಿನಿಧಿ ವರದಿ ಹುಣಸೂರು ಪದವಿ ಪೂರ್ವ ಶಿಕ್ಷಣ ಇಲಾಖೆ ವತಿಯಿಂದ ಮೈಸೂರಿನಲ್ಲಿ ನಡೆದ ಜಿಲ್ಲಾ ಮಟ್ಟದ ಕ್ರೀಡಾಕೂಟದಲ್ಲಿ ಪಟ್ಟಣದ ಲಾಲ್ ಬಹದ್ದೂರ್ ಶಾಸ್ತ್ರೀ ಪದವಿ ಪೂರ್ವ ಕಾಲೇಜಿನ ವಿದ್ಯಾರ್ಥಿಗಳು ಉತ್ತಮ ಸಾಧನೆ ಮಾಡಿ ಚಾಂಪಿಯನ್ ಪಟ್ಟ ಪಡೆದುಕೊಂಡಿದ್ದಾರೆ. ಬಾಲಕರ ವಿಭಾಗದ 100ಮೀ. ಓಟದ ಸ್ಪರ್ಧೆಯಲ್ಲಿ ಪ್ರಶಾಂತ್ ಪ್ರಥಮ, 200ಮೀ. ಓಟದಲ್ಲಿ ಅಭಿಷೇಕ್ ಪ್ರಥಮ, 800ಮೀ. ಓಟದಲ್ಲಿ ಅಭಿಷೇಕ್ ಪ್ರಥಮ ಮತ್ತು 1500ಮೀ. ಓಟದಲ್ಲಿ ಚೇತನ್ ದ್ವಿತೀಯ ಸ್ಥಾನ ಪಡೆದಿದ್ದಾರೆ. ಬಾಲಕಿಯರ ವಿಭಾಗದಲ್ಲಿ ಸಹನಾ ಪ್ರಥಮ, ಉದ್ದ ಜಿಗಿತದಲ್ಲಿ ಪ್ರಥಮ, 400 ಮೀ. ಹರ್ಡಲ್ಸ್‌ನಲ್ಲಿ ದ್ವಿತೀಯ, 4x400 ಮೀ. ರಿಲೇಯಲ್ಲಿ ಕಾಲೇಜಿನ ತಂಡ ಪ್ರಥಮ ಸ್ಥಾನ ಗಳಿಸಿದೆ. ವಿಜೇತ ವಿದ್ಯಾರ್ಥಿಗಳನ್ನು ಕಾಲೇಜಿನ ಪ್ರಾಂಶುಪಾಲರು ಹಾಗೂ ದೈಹಿಕ ಶಿಕ್ಷಣ ಶಿಕ್ಷಕರು ಅಭಿನಂದಿಸಿದ್ದಾರೆ. ಕ್ರೀಡಾಪಟುಗಳು ರಾಜ್ಯ ಮಟ್ಟದ ಕ್ರೀಡಾಕೂಟಕ್ಕೆ ಆಯ್ಕೆಯಾಗಿದ್ದಾರೆ.
